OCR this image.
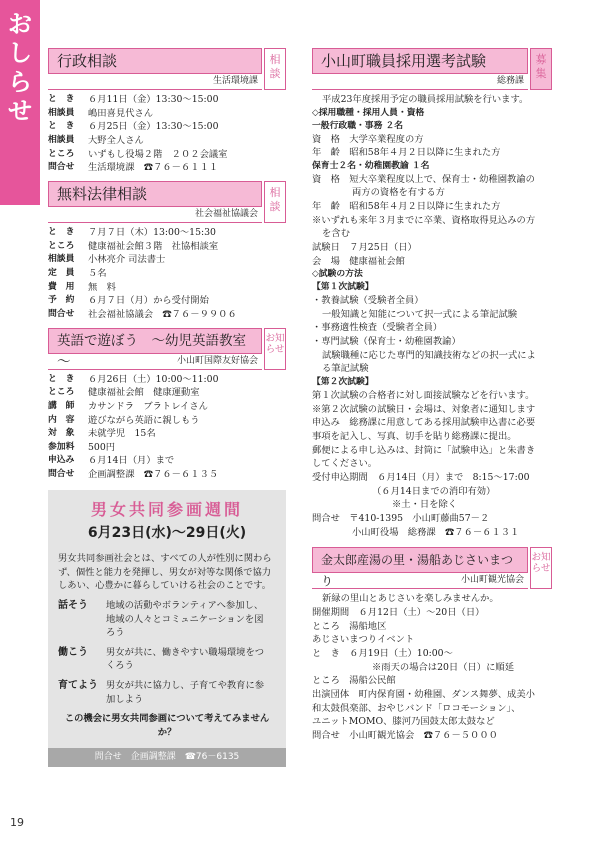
おしらせ
19
行政相談
生活環境課
相談
と　き	６月11日（金）13:30～15:00
相談員	嶋田喜見代さん
と　き	６月25日（金）13:30～15:00
相談員	大野全人さん
ところ	いずもし役場２階　２０２会議室
問合せ	生活環境課　☎７６－６１１１
無料法律相談
社会福祉協議会
相談
と　き	７月７日（木）13:00～15:30
ところ	健康福祉会館３階　社協相談室
相談員	小林亮介 司法書士
定　員	５名
費　用	無　料
予　約	６月７日（月）から受付開始
問合せ	社会福祉協議会　☎７６－９９０６
英語で遊ぼう　～幼児英語教室～	小山町国際友好協会
お知らせ
と　き	６月26日（土）10:00～11:00
ところ	健康福祉会館　健康運動室
講　師	カサンドラ　ブラトレイさん
内　容	遊びながら英語に親しもう
対　象	未就学児　15名
参加料	500円
申込み	６月14日（月）まで
問合せ	企画調整課　☎７６－６１３５
男女共同参画週間
6月23日(水)～29日(火)
男女共同参画社会とは、すべての人が性別に関わらず、個性と能力を発揮し、男女が対等な関係で協力しあい、心豊かに暮らしていける社会のことです。
話そう	地域の活動やボランティアへ参加し、
地域の人々とコミュニケーションを図
ろう
働こう	男女が共に、働きやすい職場環境をつ
くろう
育てよう 男女が共に協力し、子育てや教育に参
加しよう
この機会に男女共同参画について考えてみませんか？
問合せ　企画調整課　☎76－6135
小山町職員採用選考試験
総務課
募集
平成23年度採用予定の職員採用試験を行います。
◇採用職種・採用人員・資格
一般行政職・事務 ２名
資　格　大学卒業程度の方
年　齢　昭和58年４月２日以降に生まれた方
保育士２名・幼稚園教諭 １名
資　格　短大卒業程度以上で、保育士・幼稚園教諭の
両方の資格を有する方
年　齢　昭和58年４月２日以降に生まれた方
※いずれも来年３月までに卒業、資格取得見込みの方
を含む
試験日　７月25日（日）
会　場　健康福祉会館
◇試験の方法
【第１次試験】
・教養試験（受験者全員）
一般知識と知能について択一式による筆記試験
・事務適性検査（受験者全員）
・専門試験（保育士・幼稚園教諭）
試験職種に応じた専門的知識技術などの択一式によ
る筆記試験
【第２次試験】
第１次試験の合格者に対し面接試験などを行います。
※第２次試験の試験日・会場は、対象者に通知します
申込み　総務課に用意してある採用試験申込書に必要
事項を記入し、写真、切手を貼り総務課に提出。
郵便による申し込みは、封筒に「試験申込」と朱書き
してください。
受付申込期間　６月14日（月）まで　8:15～17:00
（６月14日までの消印有効）
※土・日を除く
問合せ　〒410-1395　小山町藤曲57－２
小山町役場　総務課　☎７６－６１３１
金太郎産湯の里・湯船あじさいまつり	小山町観光協会
お知らせ
新緑の里山とあじさいを楽しみませんか。
開催期間　６月12日（土）～20日（日）
ところ　湯船地区
あじさいまつりイベント
と　き　６月19日（土）10:00～
※雨天の場合は20日（日）に順延
ところ　湯船公民館
出演団体　町内保育園・幼稚園、ダンス舞夢、成美小
和太鼓倶楽部、おやじバンド「ロコモーション」、
ユニットMOMO、膝河乃国鼓太郎太鼓など
問合せ　小山町観光協会　☎７６－５０００
